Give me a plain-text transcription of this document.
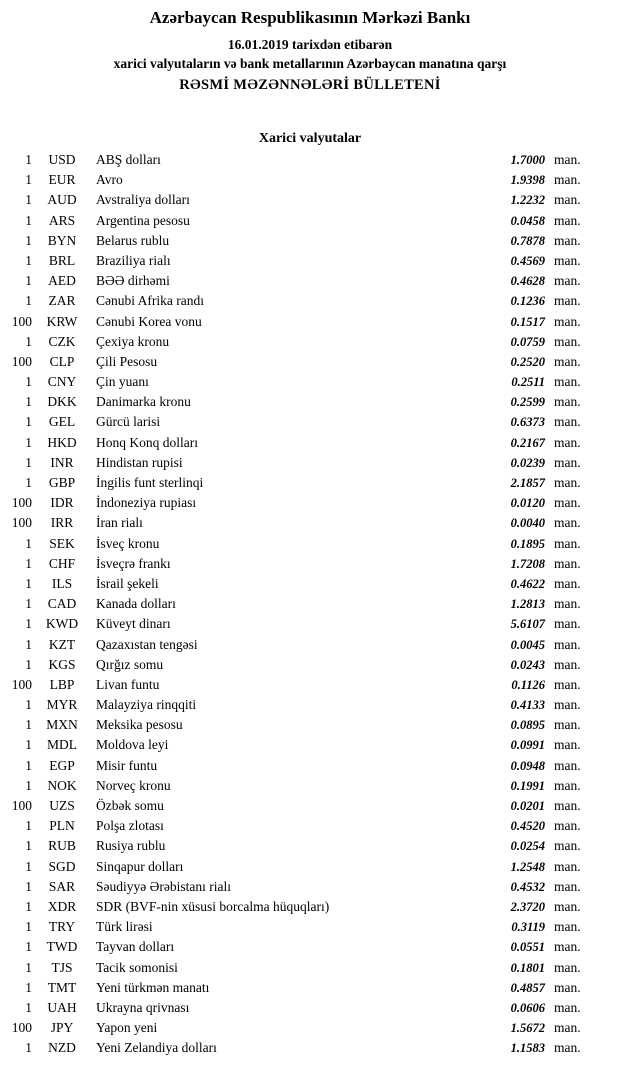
Azərbaycan Respublikasının Mərkəzi Bankı
16.01.2019 tarixdən etibarən
xarici valyutaların və bank metallarının Azərbaycan manatına qarşı
RƏSMİ MƏZƏNNƏLƏRİ BÜLLETENİ
Xarici valyutalar
1	USD	ABŞ dolları	1.7000 man.
1	EUR	Avro	1.9398 man.
1	AUD	Avstraliya dolları	1.2232 man.
1	ARS	Argentina pesosu	0.0458 man.
1	BYN	Belarus rublu	0.7878 man.
1	BRL	Braziliya rialı	0.4569 man.
1	AED	BƏƏ dirhəmi	0.4628 man.
1	ZAR	Cənubi Afrika randı	0.1236 man.
100	KRW	Cənubi Korea vonu	0.1517 man.
1	CZK	Çexiya kronu	0.0759 man.
100	CLP	Çili Pesosu	0.2520 man.
1	CNY	Çin yuanı	0.2511 man.
1	DKK	Danimarka kronu	0.2599 man.
1	GEL	Gürcü larisi	0.6373 man.
1	HKD	Honq Konq dolları	0.2167 man.
1	INR	Hindistan rupisi	0.0239 man.
1	GBP	İngilis funt sterlinqi	2.1857 man.
100	IDR	İndoneziya rupiası	0.0120 man.
100	IRR	İran rialı	0.0040 man.
1	SEK	İsveç kronu	0.1895 man.
1	CHF	İsveçrə frankı	1.7208 man.
1	ILS	İsrail şekeli	0.4622 man.
1	CAD	Kanada dolları	1.2813 man.
1	KWD	Küveyt dinarı	5.6107 man.
1	KZT	Qazaxıstan tengəsi	0.0045 man.
1	KGS	Qırğız somu	0.0243 man.
100	LBP	Livan funtu	0.1126 man.
1	MYR	Malayziya rinqqiti	0.4133 man.
1	MXN	Meksika pesosu	0.0895 man.
1	MDL	Moldova leyi	0.0991 man.
1	EGP	Misir funtu	0.0948 man.
1	NOK	Norveç kronu	0.1991 man.
100	UZS	Özbək somu	0.0201 man.
1	PLN	Polşa zlotası	0.4520 man.
1	RUB	Rusiya rublu	0.0254 man.
1	SGD	Sinqapur dolları	1.2548 man.
1	SAR	Səudiyyə Ərəbistanı rialı	0.4532 man.
1	XDR	SDR (BVF-nin xüsusi borcalma hüquqları)	2.3720 man.
1	TRY	Türk lirəsi	0.3119 man.
1	TWD	Tayvan dolları	0.0551 man.
1	TJS	Tacik somonisi	0.1801 man.
1	TMT	Yeni türkmən manatı	0.4857 man.
1	UAH	Ukrayna qrivnası	0.0606 man.
100	JPY	Yapon yeni	1.5672 man.
1	NZD	Yeni Zelandiya dolları	1.1583 man.
